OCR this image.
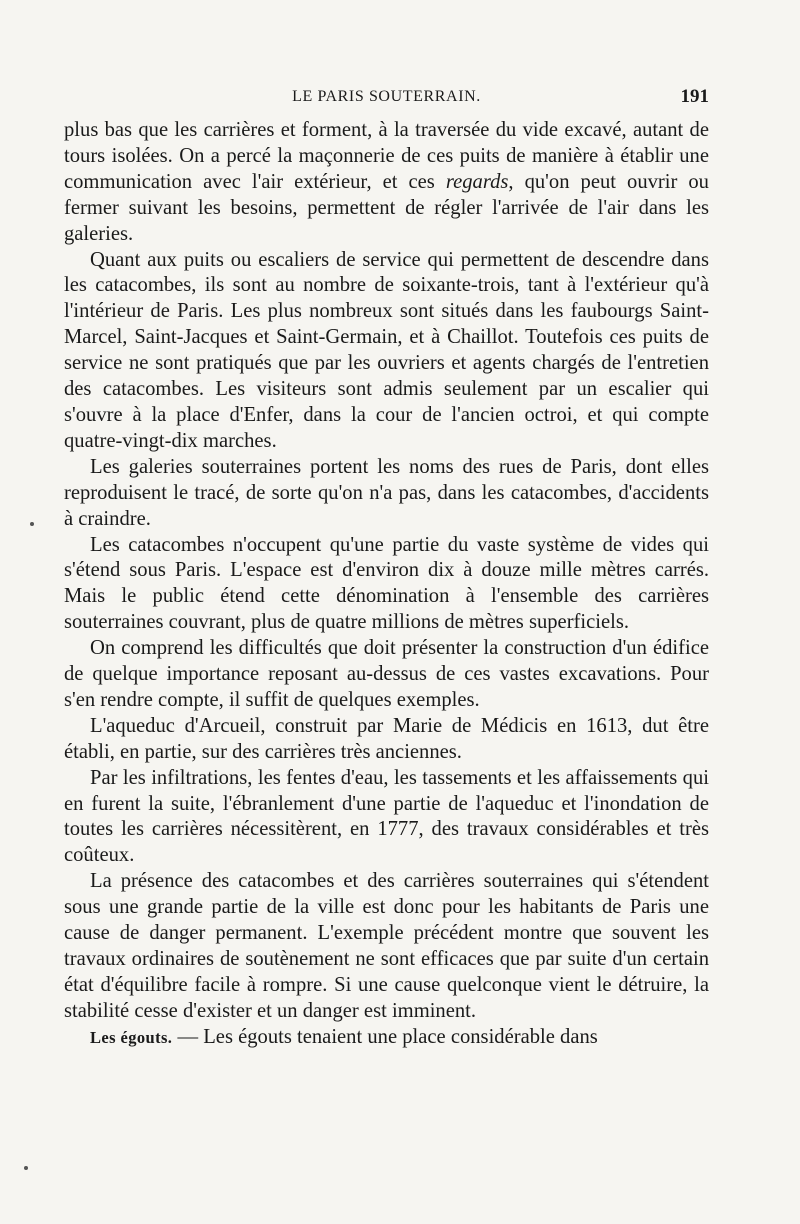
LE PARIS SOUTERRAIN.	191

plus bas que les carrières et forment, à la traversée du vide excavé, autant de tours isolées. On a percé la maçonnerie de ces puits de manière à établir une communication avec l'air extérieur, et ces regards, qu'on peut ouvrir ou fermer suivant les besoins, permettent de régler l'arrivée de l'air dans les galeries.

Quant aux puits ou escaliers de service qui permettent de descendre dans les catacombes, ils sont au nombre de soixante-trois, tant à l'extérieur qu'à l'intérieur de Paris. Les plus nombreux sont situés dans les faubourgs Saint-Marcel, Saint-Jacques et Saint-Germain, et à Chaillot. Toutefois ces puits de service ne sont pratiqués que par les ouvriers et agents chargés de l'entretien des catacombes. Les visiteurs sont admis seulement par un escalier qui s'ouvre à la place d'Enfer, dans la cour de l'ancien octroi, et qui compte quatre-vingt-dix marches.

Les galeries souterraines portent les noms des rues de Paris, dont elles reproduisent le tracé, de sorte qu'on n'a pas, dans les catacombes, d'accidents à craindre.

Les catacombes n'occupent qu'une partie du vaste système de vides qui s'étend sous Paris. L'espace est d'environ dix à douze mille mètres carrés. Mais le public étend cette dénomination à l'ensemble des carrières souterraines couvrant, plus de quatre millions de mètres superficiels.

On comprend les difficultés que doit présenter la construction d'un édifice de quelque importance reposant au-dessus de ces vastes excavations. Pour s'en rendre compte, il suffit de quelques exemples.

L'aqueduc d'Arcueil, construit par Marie de Médicis en 1613, dut être établi, en partie, sur des carrières très anciennes.

Par les infiltrations, les fentes d'eau, les tassements et les affaissements qui en furent la suite, l'ébranlement d'une partie de l'aqueduc et l'inondation de toutes les carrières nécessitèrent, en 1777, des travaux considérables et très coûteux.

La présence des catacombes et des carrières souterraines qui s'étendent sous une grande partie de la ville est donc pour les habitants de Paris une cause de danger permanent. L'exemple précédent montre que souvent les travaux ordinaires de soutènement ne sont efficaces que par suite d'un certain état d'équilibre facile à rompre. Si une cause quelconque vient le détruire, la stabilité cesse d'exister et un danger est imminent.

Les égouts. — Les égouts tenaient une place considérable dans
